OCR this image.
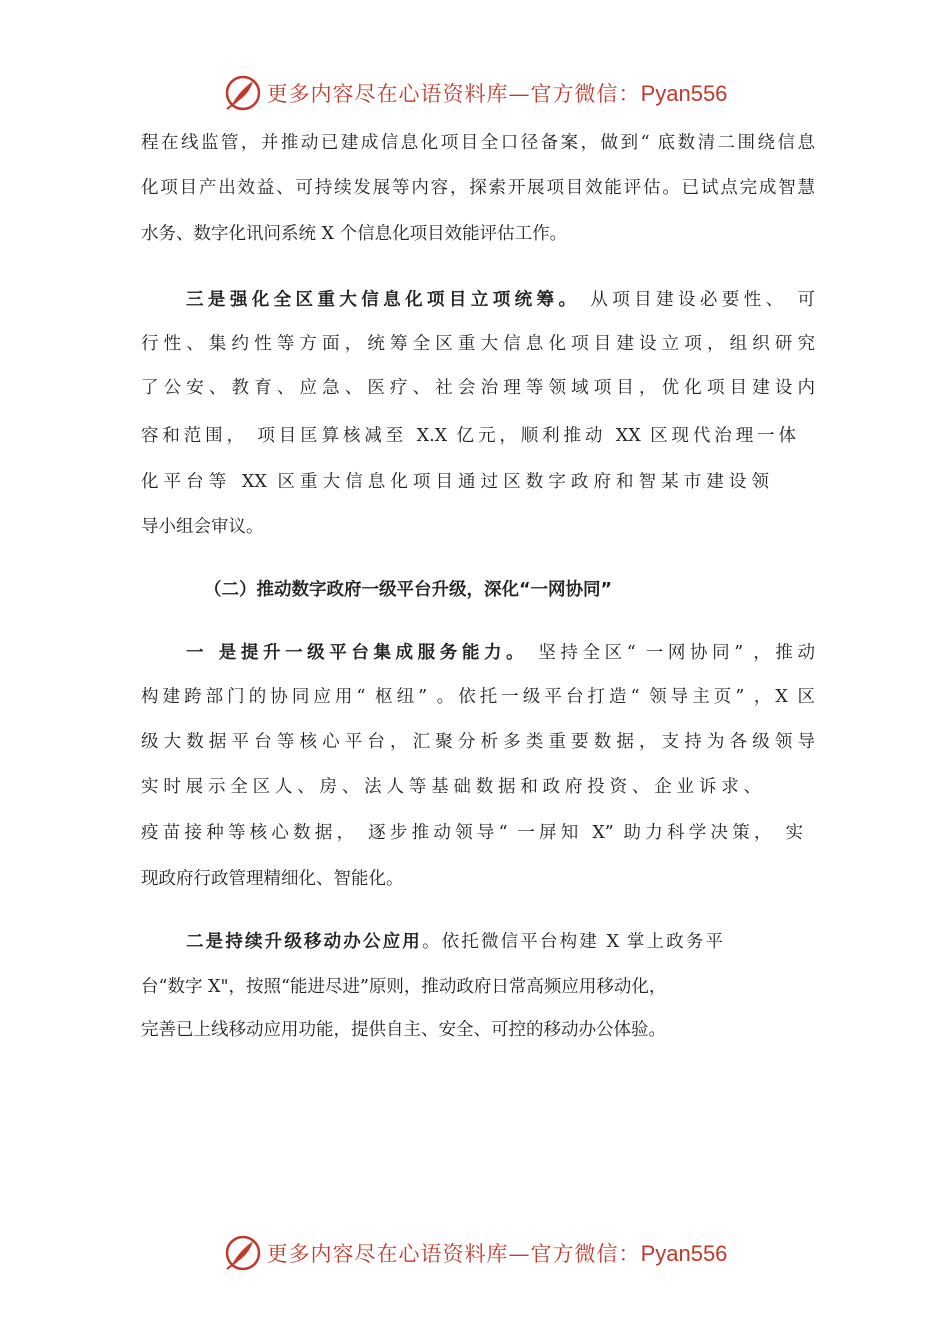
更多内容尽在心语资料库—官方微信：Pyan556
程在线监管，并推动已建成信息化项目全口径备案，做到“ 底数清二围绕信息
化项目产出效益、可持续发展等内容，探索开展项目效能评估。已试点完成智慧
水务、数字化讯问系统 X 个信息化项目效能评估工作。
三是强化全区重大信息化项目立项统筹。 从项目建设必要性、 可
行性、集约性等方面，统筹全区重大信息化项目建设立项，组织研究
了公安、教育、应急、医疗、社会治理等领域项目，优化项目建设内
容和范围， 项目匡算核减至 X.X 亿元，顺利推动 XX 区现代治理一体
化平台等 XX 区重大信息化项目通过区数字政府和智某市建设领
导小组会审议。
（二）推动数字政府一级平台升级，深化“一网协同”
一 是提升一级平台集成服务能力。 坚持全区“ 一网协同” ，推动
构建跨部门的协同应用“ 枢纽” 。依托一级平台打造“ 领导主页” ，X 区
级大数据平台等核心平台，汇聚分析多类重要数据，支持为各级领导
实时展示全区人、房、法人等基础数据和政府投资、企业诉求、
疫苗接种等核心数据， 逐步推动领导“ 一屏知 X” 助力科学决策， 实
现政府行政管理精细化、智能化。
二是持续升级移动办公应用。依托微信平台构建 X 掌上政务平
台“数字 X"，按照“能进尽进”原则，推动政府日常高频应用移动化，
完善已上线移动应用功能，提供自主、安全、可控的移动办公体验。
更多内容尽在心语资料库—官方微信：Pyan556
